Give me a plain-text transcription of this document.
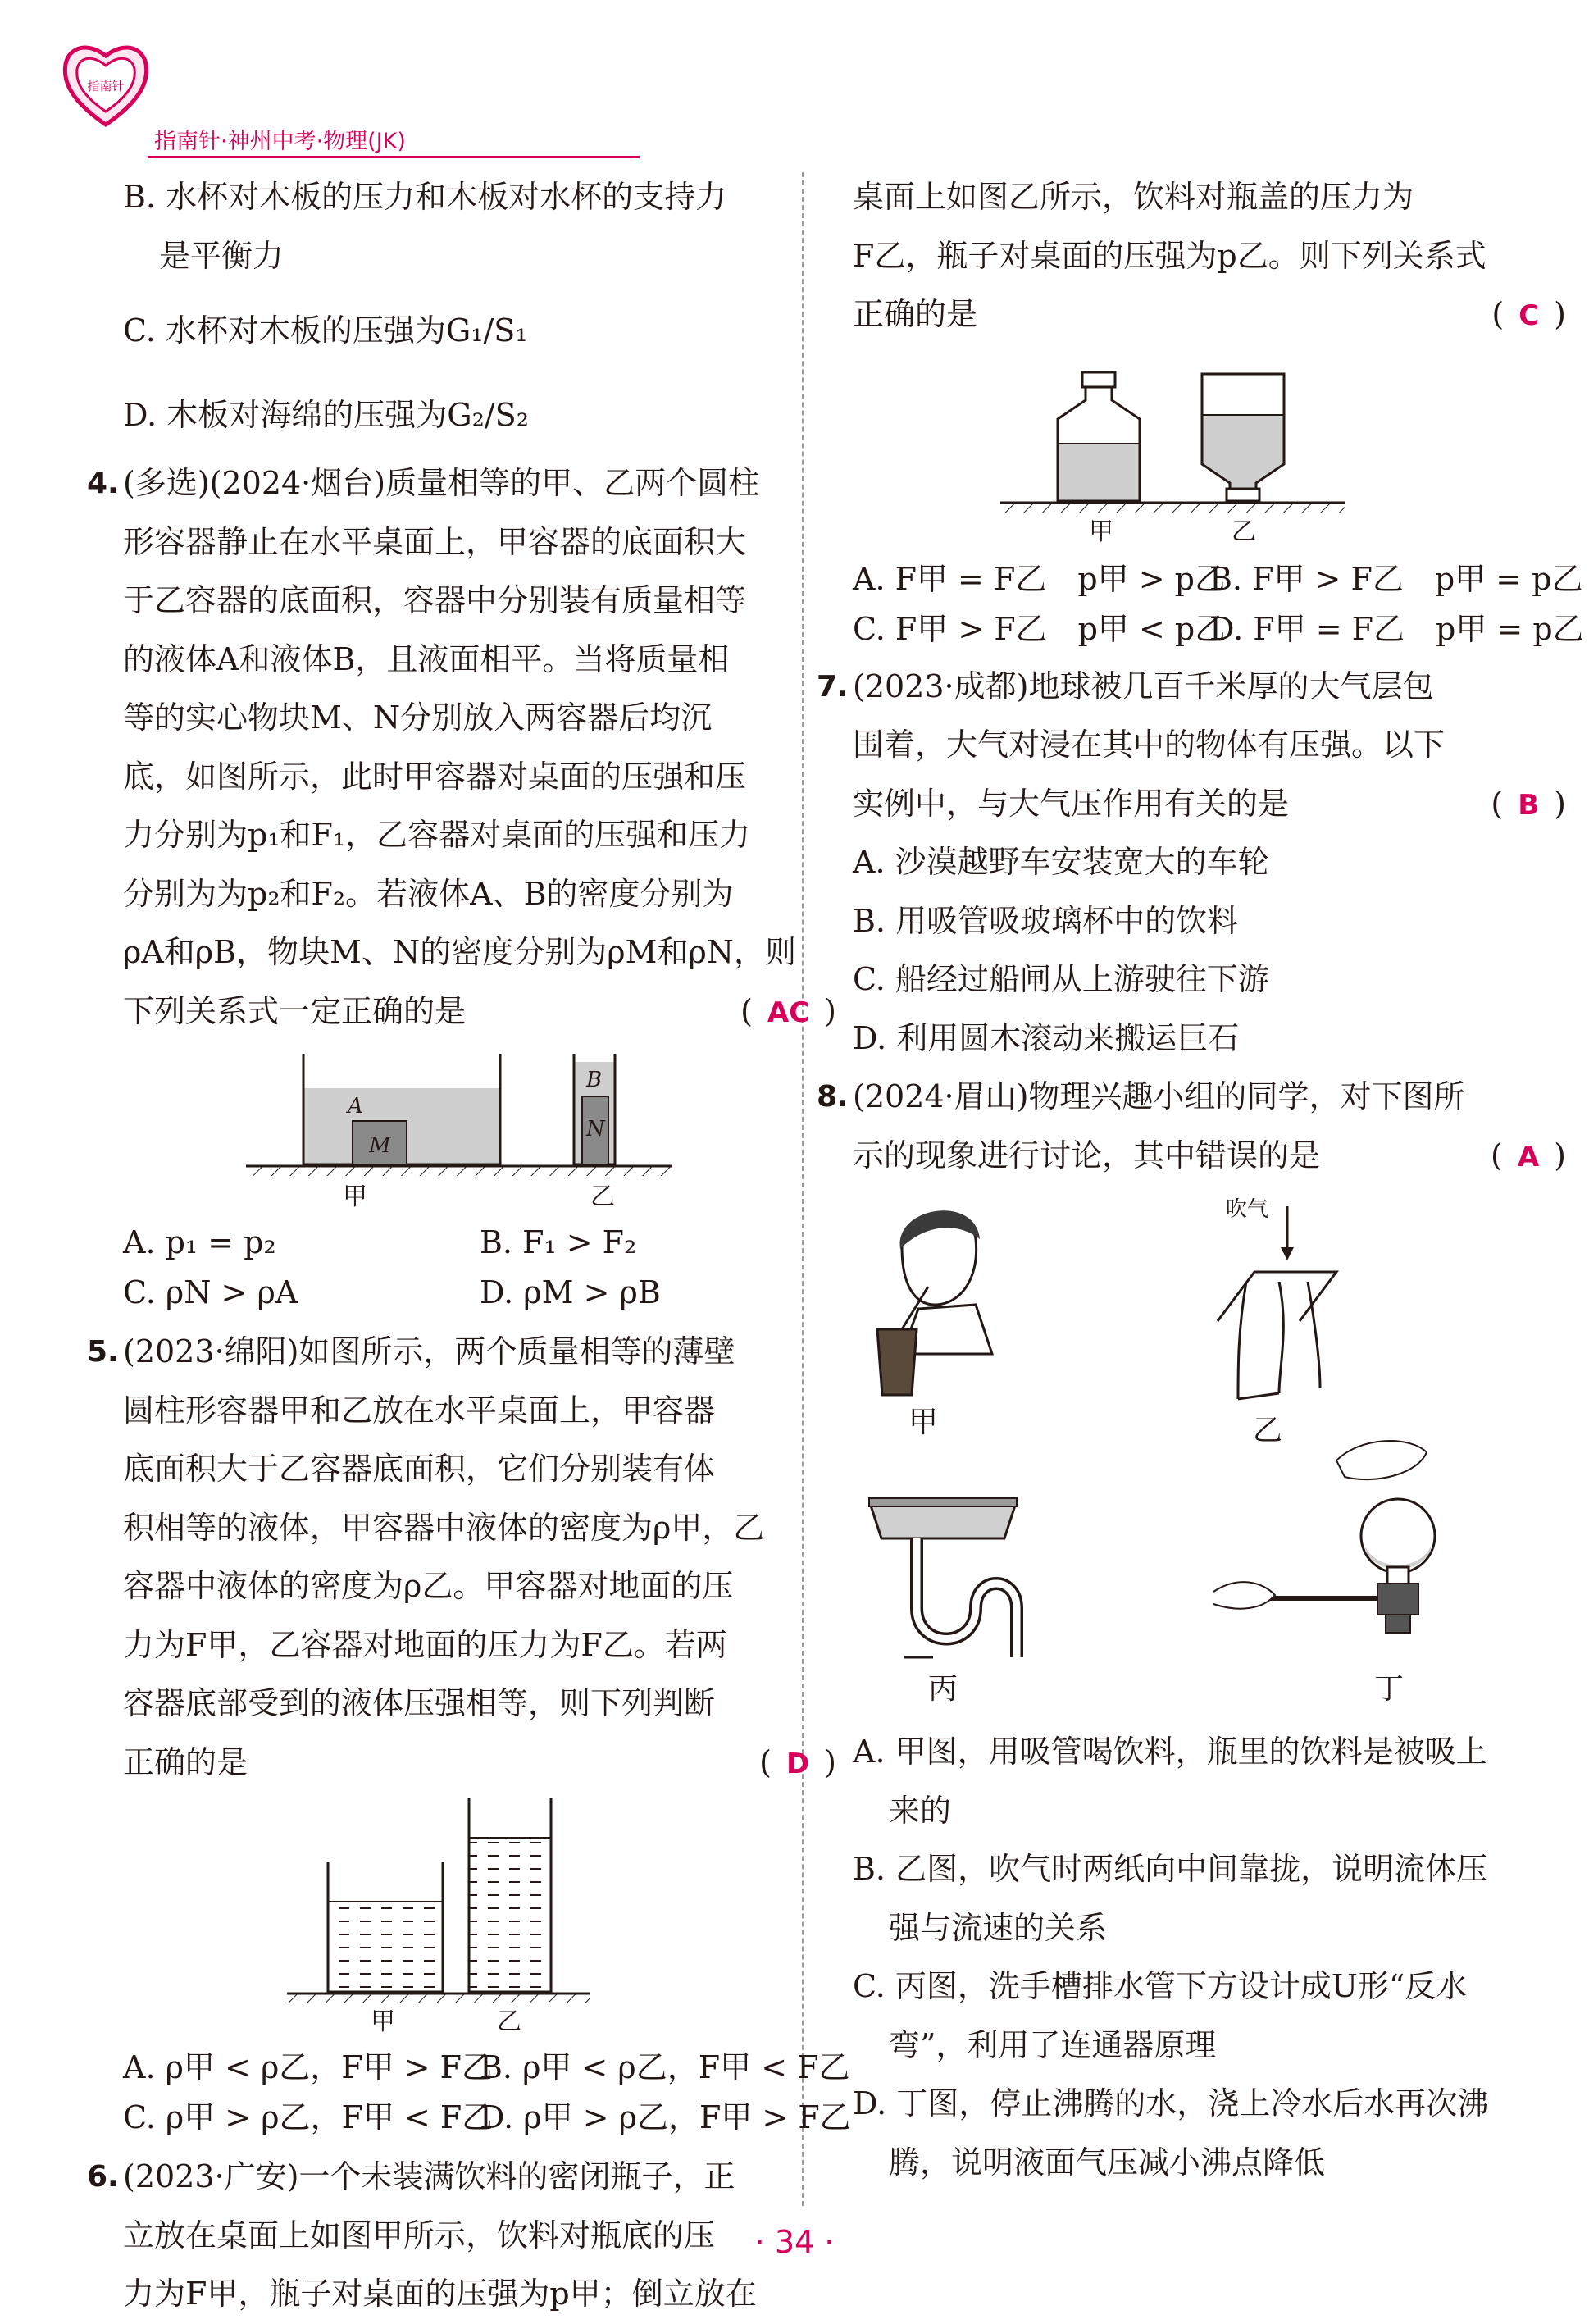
指南针
指南针·神州中考·物理(JK)
B. 水杯对木板的压力和木板对水杯的支持力
是平衡力
C. 水杯对木板的压强为G₁/S₁
D. 木板对海绵的压强为G₂/S₂
4. (多选)(2024·烟台)质量相等的甲、乙两个圆柱
形容器静止在水平桌面上，甲容器的底面积大
于乙容器的底面积，容器中分别装有质量相等
的液体A和液体B，且液面相平。当将质量相
等的实心物块M、N分别放入两容器后均沉
底，如图所示，此时甲容器对桌面的压强和压
力分别为p₁和F₁，乙容器对桌面的压强和压力
分别为为p₂和F₂。若液体A、B的密度分别为
ρA和ρB，物块M、N的密度分别为ρM和ρN，则
下列关系式一定正确的是	( AC )
A
M
B
N
甲	乙
A. p₁ = p₂	B. F₁ > F₂
C. ρN > ρA	D. ρM > ρB
5. (2023·绵阳)如图所示，两个质量相等的薄壁
圆柱形容器甲和乙放在水平桌面上，甲容器
底面积大于乙容器底面积，它们分别装有体
积相等的液体，甲容器中液体的密度为ρ甲，乙
容器中液体的密度为ρ乙。甲容器对地面的压
力为F甲，乙容器对地面的压力为F乙。若两
容器底部受到的液体压强相等，则下列判断
正确的是	( D )
甲	乙
A. ρ甲 < ρ乙，F甲 > F乙
B. ρ甲 < ρ乙，F甲 < F乙
C. ρ甲 > ρ乙，F甲 < F乙
D. ρ甲 > ρ乙，F甲 > F乙
6. (2023·广安)一个未装满饮料的密闭瓶子，正
立放在桌面上如图甲所示，饮料对瓶底的压
力为F甲，瓶子对桌面的压强为p甲；倒立放在
桌面上如图乙所示，饮料对瓶盖的压力为
F乙，瓶子对桌面的压强为p乙。则下列关系式
正确的是	( C )
甲	乙
A. F甲 = F乙　p甲 > p乙
B. F甲 > F乙　p甲 = p乙
C. F甲 > F乙　p甲 < p乙
D. F甲 = F乙　p甲 = p乙
7. (2023·成都)地球被几百千米厚的大气层包
围着，大气对浸在其中的物体有压强。以下
实例中，与大气压作用有关的是	( B )
A. 沙漠越野车安装宽大的车轮
B. 用吸管吸玻璃杯中的饮料
C. 船经过船闸从上游驶往下游
D. 利用圆木滚动来搬运巨石
8. (2024·眉山)物理兴趣小组的同学，对下图所
示的现象进行讨论，其中错误的是	( A )
甲
吹气
乙
丙	丁
A. 甲图，用吸管喝饮料，瓶里的饮料是被吸上
来的
B. 乙图，吹气时两纸向中间靠拢，说明流体压
强与流速的关系
C. 丙图，洗手槽排水管下方设计成U形“反水
弯”，利用了连通器原理
D. 丁图，停止沸腾的水，浇上冷水后水再次沸
腾，说明液面气压减小沸点降低
· 34 ·
